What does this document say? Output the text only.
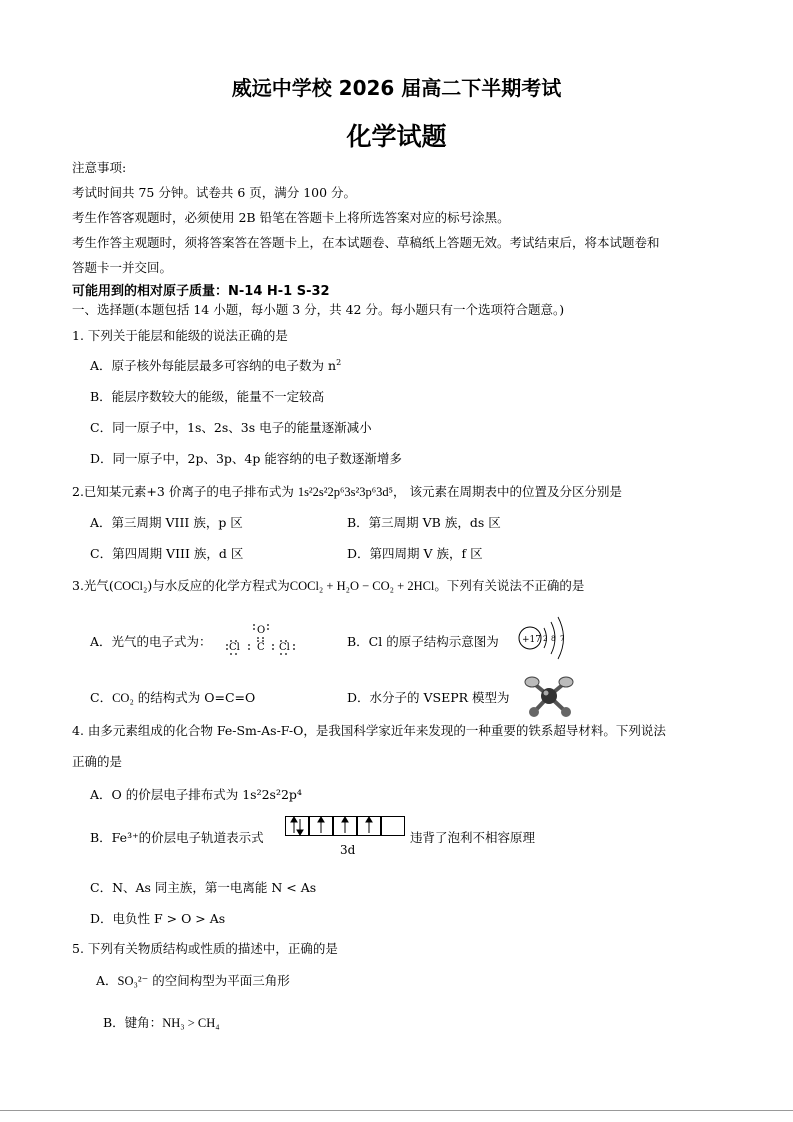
威远中学校 2026 届高二下半期考试
化学试题
注意事项:
考试时间共 75 分钟。试卷共 6 页，满分 100 分。
考生作答客观题时，必须使用 2B 铅笔在答题卡上将所选答案对应的标号涂黑。
考生作答主观题时，须将答案答在答题卡上，在本试题卷、草稿纸上答题无效。考试结束后，将本试题卷和
答题卡一并交回。
可能用到的相对原子质量：N-14 H-1 S-32
一、选择题(本题包括 14 小题，每小题 3 分，共 42 分。每小题只有一个选项符合题意。)
1. 下列关于能层和能级的说法正确的是
A．原子核外每能层最多可容纳的电子数为 $n^2$
B．能层序数较大的能级，能量不一定较高
C．同一原子中，1s、2s、3s 电子的能量逐渐减小
D．同一原子中，2p、3p、4p 能容纳的电子数逐渐增多
2.已知某元素+3 价离子的电子排布式为 1s²2s²2p⁶3s²3p⁶3d⁵， 该元素在周期表中的位置及分区分别是
A．第三周期 VIII 族，p 区	B．第三周期 VB 族，ds 区
C．第四周期 VIII 族，d 区	D．第四周期 V 族，f 区
3.光气(COCl₂)与水反应的化学方程式为COCl₂ + H₂O − CO₂ + 2HCl。下列有关说法不正确的是
A．光气的电子式为：
O
Cl C Cl	B．Cl 的原子结构示意图为	+17 2 8 7
C．CO₂ 的结构式为 O=C=O	D．水分子的 VSEPR 模型为
4. 由多元素组成的化合物 Fe-Sm-As-F-O，是我国科学家近年来发现的一种重要的铁系超导材料。下列说法
正确的是
A．O 的价层电子排布式为 1s²2s²2p⁴
B．Fe³⁺的价层电子轨道表示式
3d
违背了泡利不相容原理
C．N、As 同主族，第一电离能 N < As
D．电负性 F > O > As
5. 下列有关物质结构或性质的描述中，正确的是
A．SO₃²⁻ 的空间构型为平面三角形
B．键角：NH₃ > CH₄
